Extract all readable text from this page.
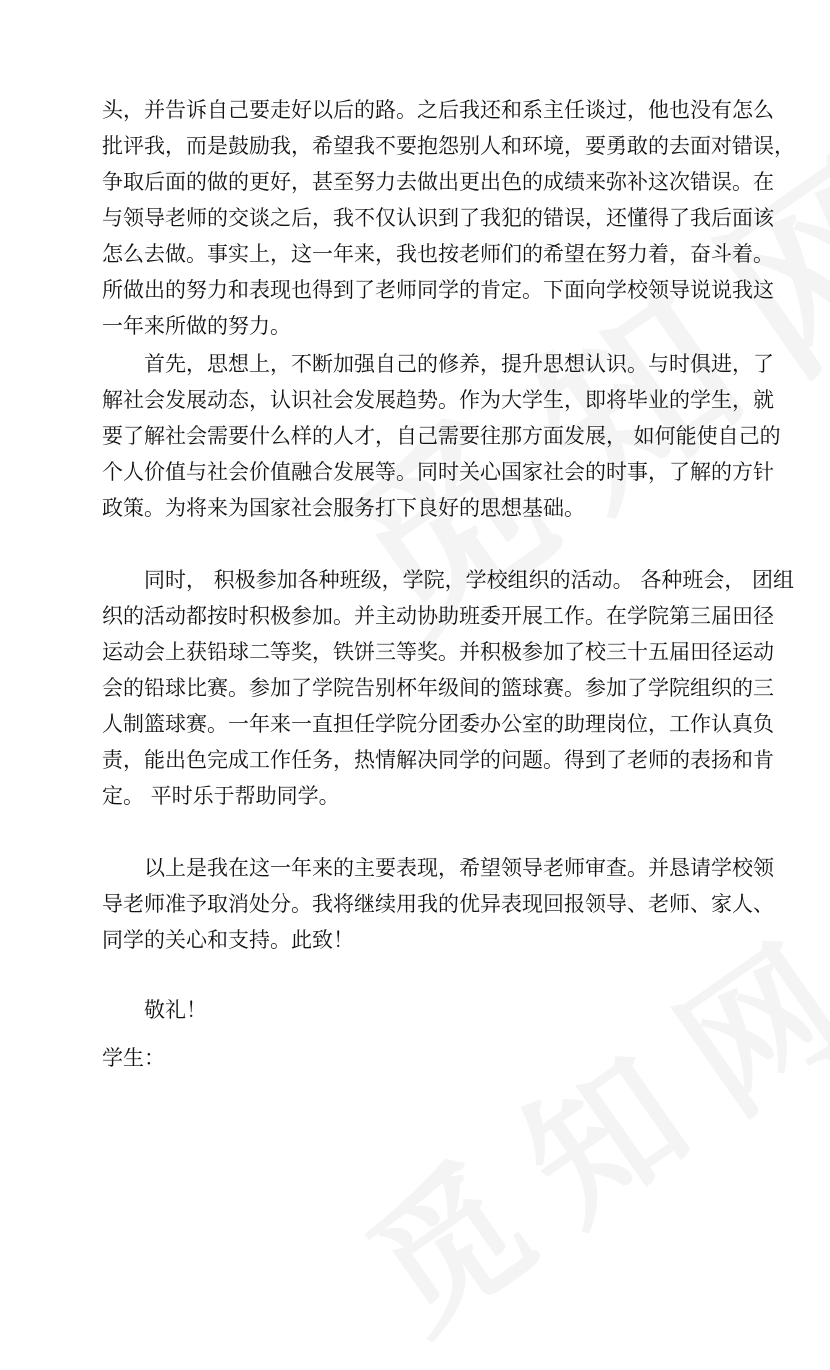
头，并告诉自己要走好以后的路。之后我还和系主任谈过，他也没有怎么
批评我，而是鼓励我，希望我不要抱怨别人和环境，要勇敢的去面对错误，
争取后面的做的更好，甚至努力去做出更出色的成绩来弥补这次错误。在
与领导老师的交谈之后，我不仅认识到了我犯的错误，还懂得了我后面该
怎么去做。事实上，这一年来，我也按老师们的希望在努力着，奋斗着。
所做出的努力和表现也得到了老师同学的肯定。下面向学校领导说说我这
一年来所做的努力。

首先，思想上，不断加强自己的修养，提升思想认识。与时俱进，了
解社会发展动态，认识社会发展趋势。作为大学生，即将毕业的学生，就
要了解社会需要什么样的人才，自己需要往那方面发展， 如何能使自己的
个人价值与社会价值融合发展等。同时关心国家社会的时事，了解的方针
政策。为将来为国家社会服务打下良好的思想基础。

同时， 积极参加各种班级，学院，学校组织的活动。 各种班会， 团组
织的活动都按时积极参加。并主动协助班委开展工作。在学院第三届田径
运动会上获铅球二等奖，铁饼三等奖。并积极参加了校三十五届田径运动
会的铅球比赛。参加了学院告别杯年级间的篮球赛。参加了学院组织的三
人制篮球赛。一年来一直担任学院分团委办公室的助理岗位，工作认真负
责，能出色完成工作任务，热情解决同学的问题。得到了老师的表扬和肯
定。 平时乐于帮助同学。

以上是我在这一年来的主要表现，希望领导老师审查。并恳请学校领
导老师准予取消处分。我将继续用我的优异表现回报领导、老师、家人、
同学的关心和支持。此致！

敬礼！

学生：
